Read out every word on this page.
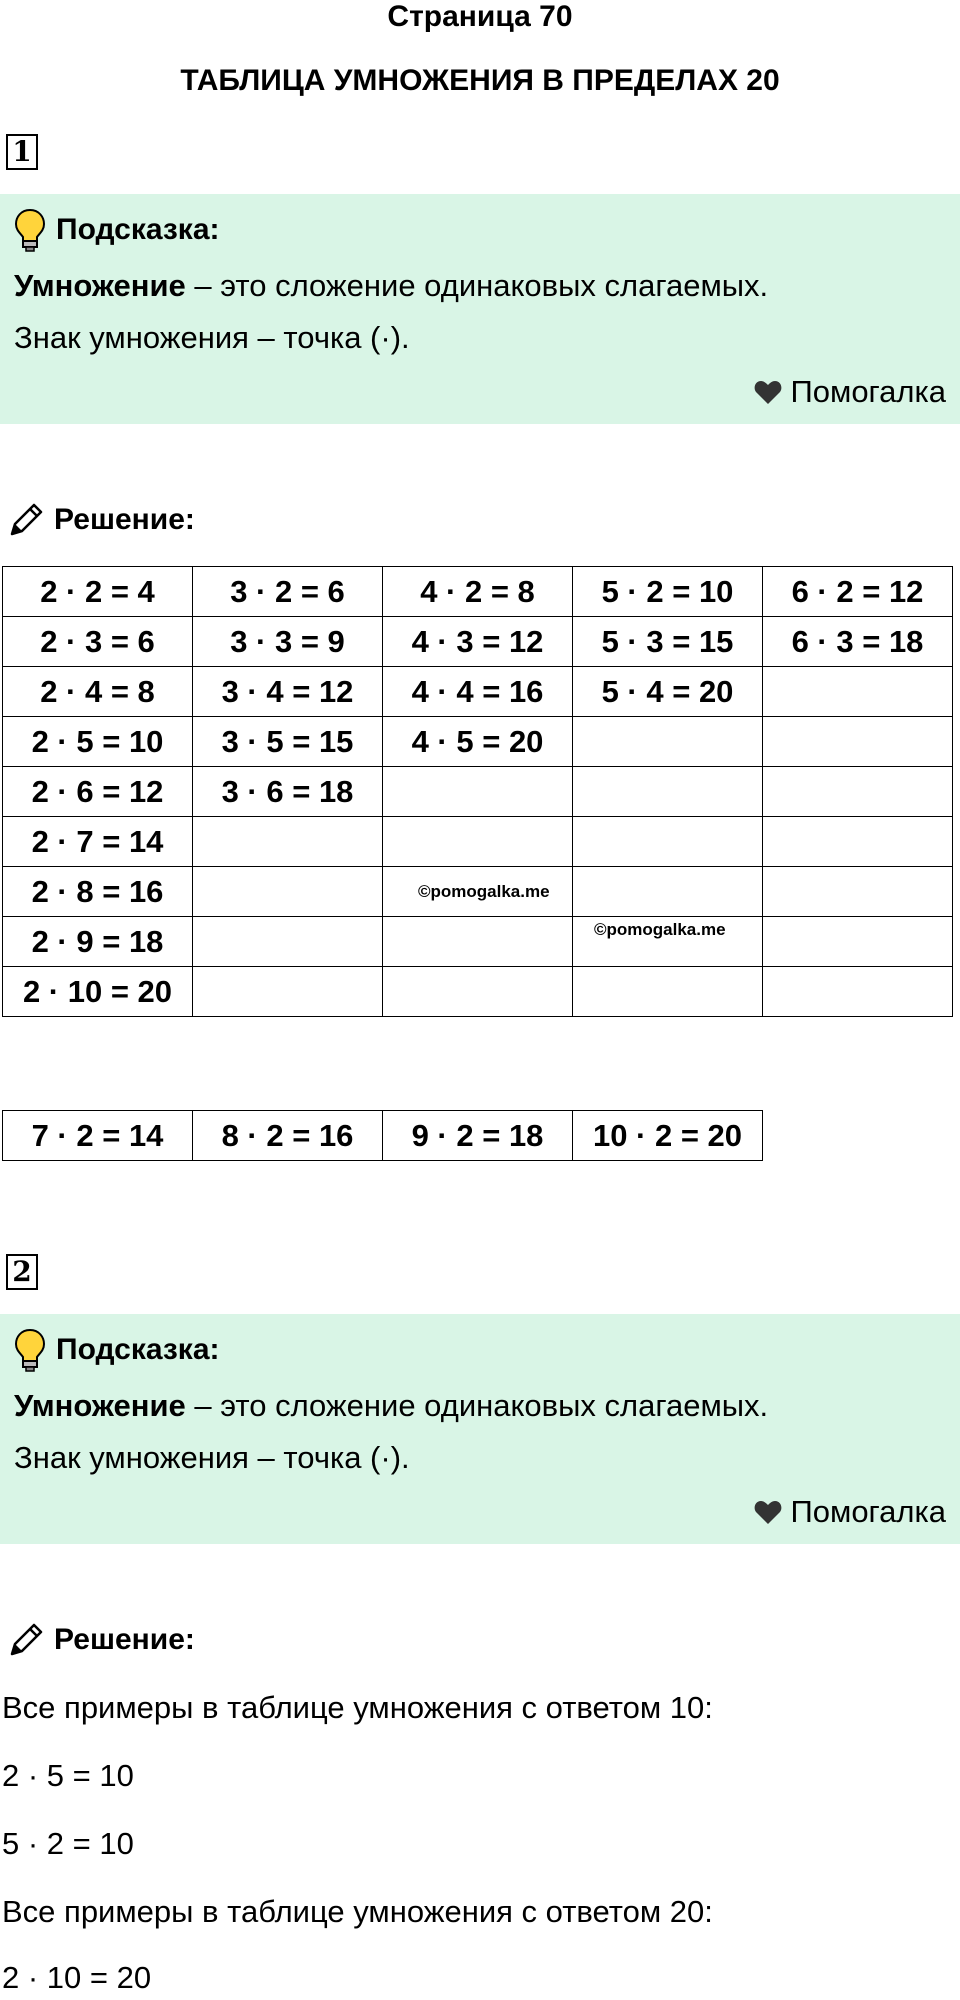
Страница 70
ТАБЛИЦА УМНОЖЕНИЯ В ПРЕДЕЛАХ 20
1
Подсказка:
Умножение – это сложение одинаковых слагаемых.
Знак умножения – точка (·).
Помогалка
Решение:
2 · 2 = 4	3 · 2 = 6	4 · 2 = 8	5 · 2 = 10	6 · 2 = 12
2 · 3 = 6	3 · 3 = 9	4 · 3 = 12	5 · 3 = 15	6 · 3 = 18
2 · 4 = 8	3 · 4 = 12	4 · 4 = 16	5 · 4 = 20	
2 · 5 = 10	3 · 5 = 15	4 · 5 = 20		
2 · 6 = 12	3 · 6 = 18			
2 · 7 = 14				
2 · 8 = 16				
2 · 9 = 18				
2 · 10 = 20				
©pomogalka.me
©pomogalka.me
7 · 2 = 14	8 · 2 = 16	9 · 2 = 18	10 · 2 = 20
2
Подсказка:
Умножение – это сложение одинаковых слагаемых.
Знак умножения – точка (·).
Помогалка
Решение:
Все примеры в таблице умножения с ответом 10:
2 · 5 = 10
5 · 2 = 10
Все примеры в таблице умножения с ответом 20:
2 · 10 = 20
